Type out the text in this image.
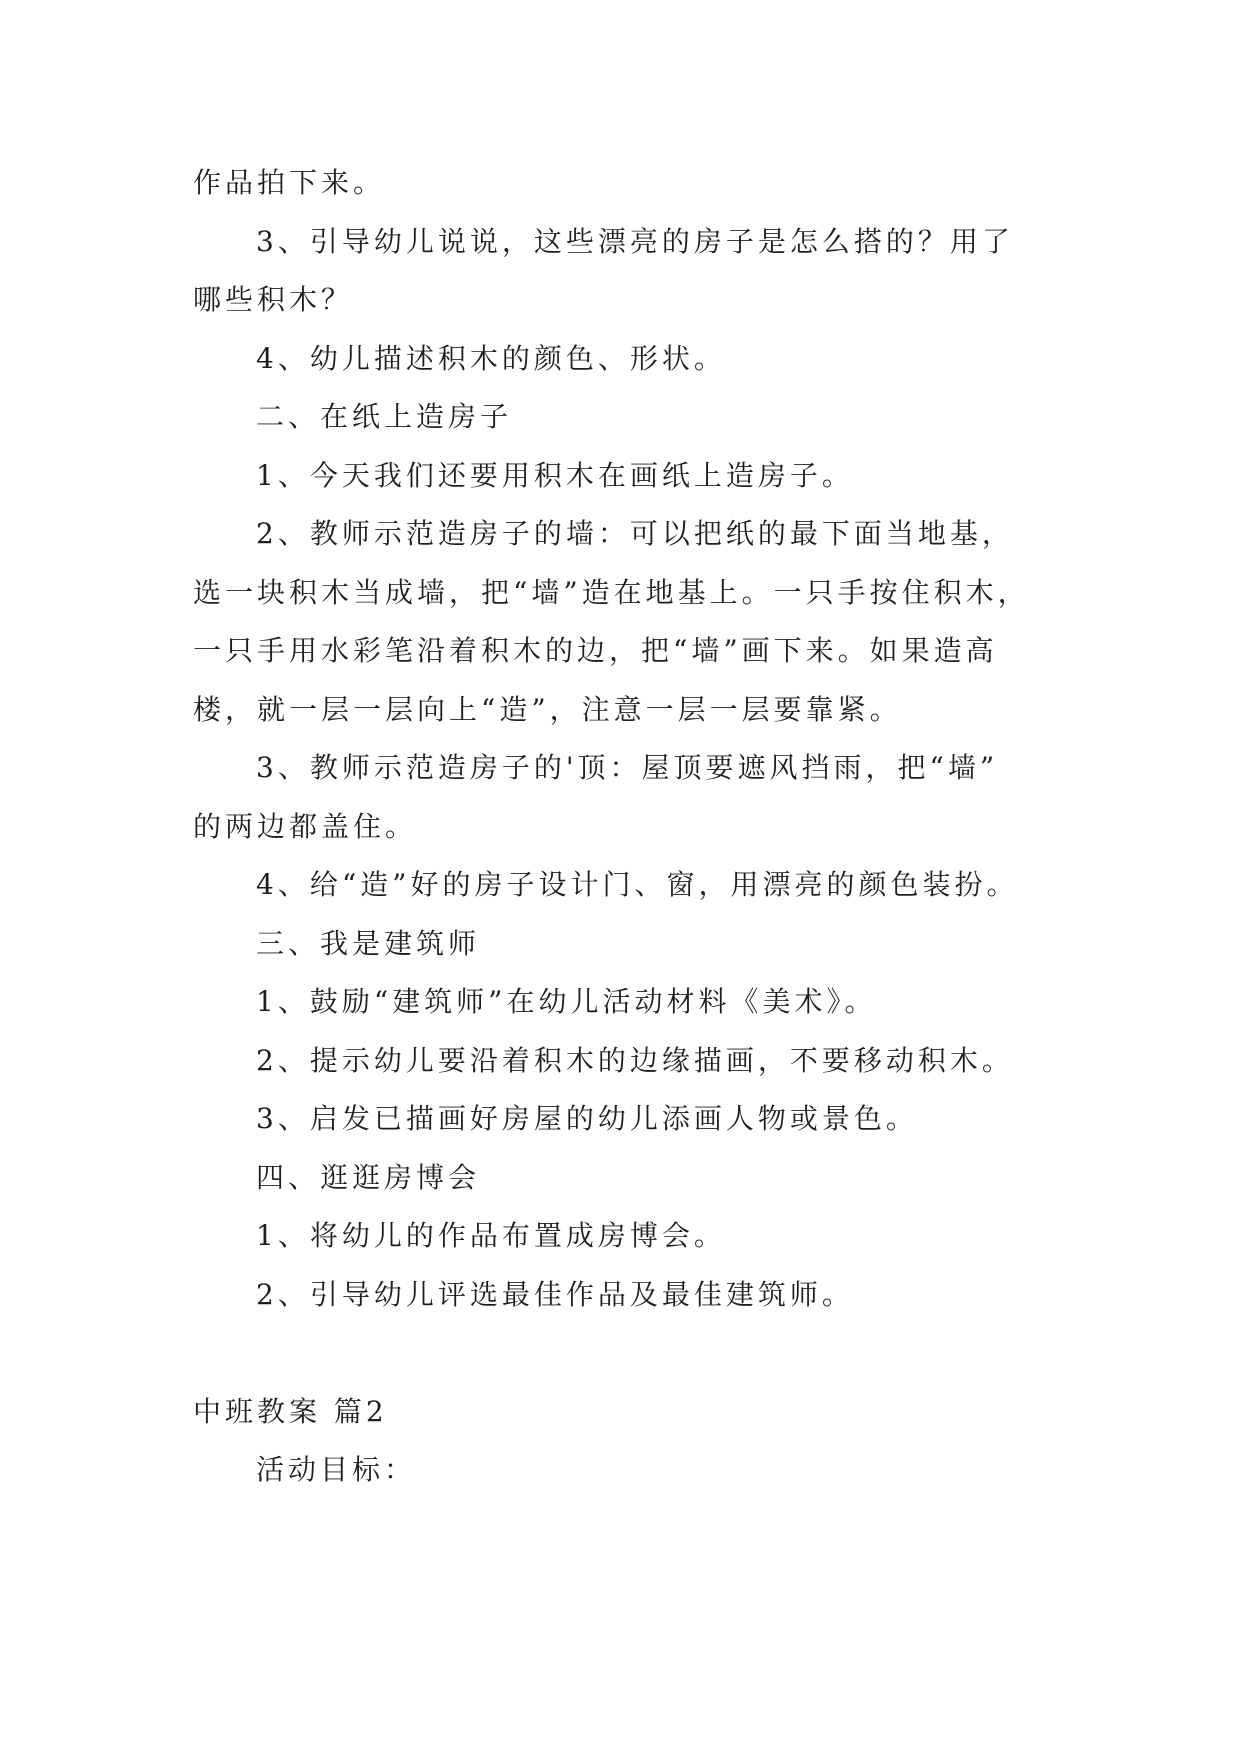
作品拍下来。
3、引导幼儿说说，这些漂亮的房子是怎么搭的？用了
哪些积木？
4、幼儿描述积木的颜色、形状。
二、在纸上造房子
1、今天我们还要用积木在画纸上造房子。
2、教师示范造房子的墙：可以把纸的最下面当地基，
选一块积木当成墙，把“墙”造在地基上。一只手按住积木，
一只手用水彩笔沿着积木的边，把“墙”画下来。如果造高
楼，就一层一层向上“造”，注意一层一层要靠紧。
3、教师示范造房子的'顶：屋顶要遮风挡雨，把“墙”
的两边都盖住。
4、给“造”好的房子设计门、窗，用漂亮的颜色装扮。
三、我是建筑师
1、鼓励“建筑师”在幼儿活动材料《美术》。
2、提示幼儿要沿着积木的边缘描画，不要移动积木。
3、启发已描画好房屋的幼儿添画人物或景色。
四、逛逛房博会
1、将幼儿的作品布置成房博会。
2、引导幼儿评选最佳作品及最佳建筑师。
中班教案 篇2
活动目标：
